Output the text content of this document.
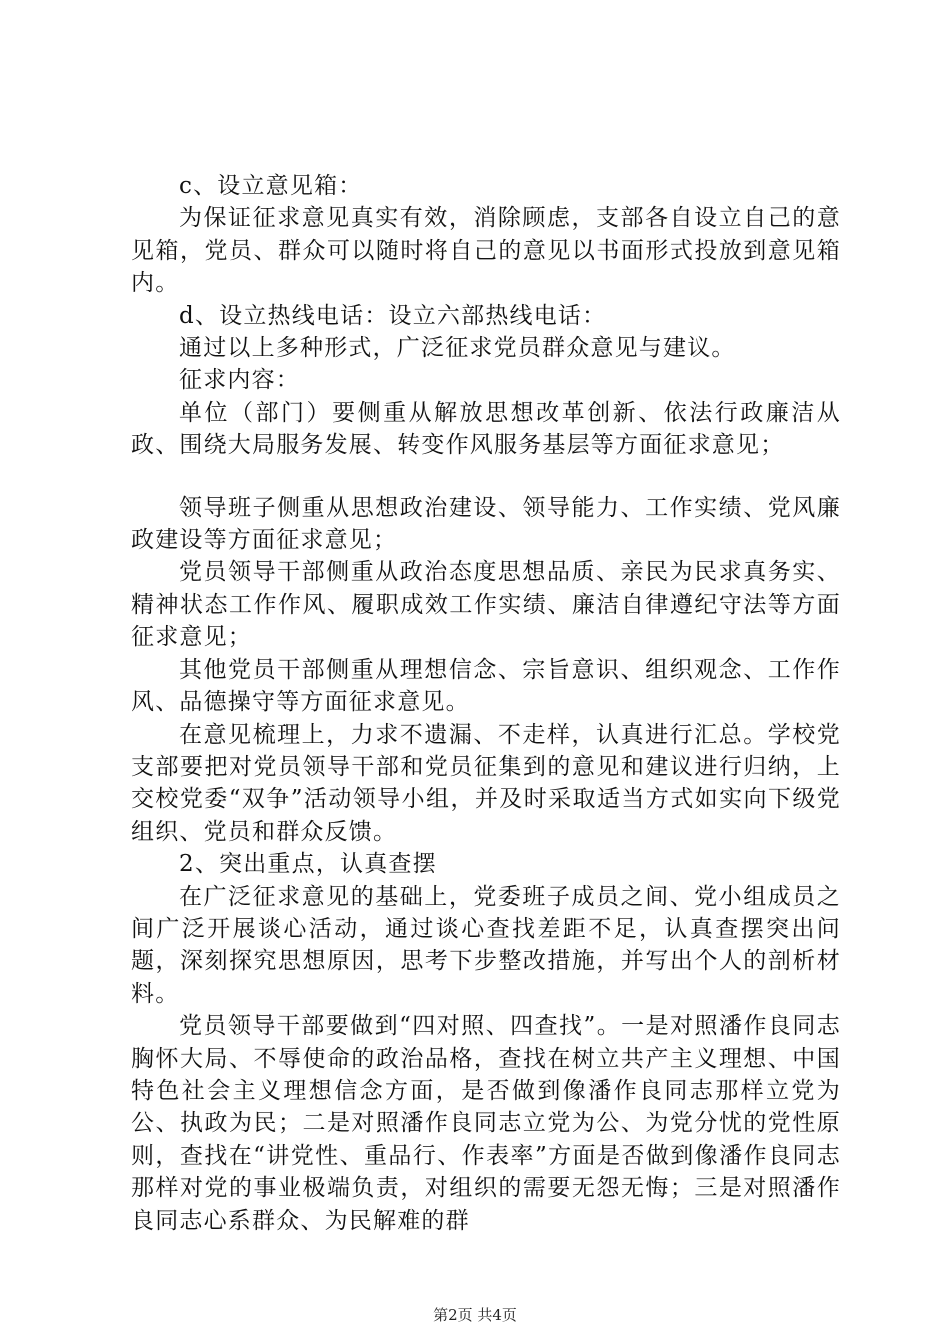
c、设立意见箱：

为保证征求意见真实有效，消除顾虑，支部各自设立自己的意见箱，党员、群众可以随时将自己的意见以书面形式投放到意见箱内。

d、设立热线电话：设立六部热线电话：

通过以上多种形式，广泛征求党员群众意见与建议。

征求内容：

单位（部门）要侧重从解放思想改革创新、依法行政廉洁从政、围绕大局服务发展、转变作风服务基层等方面征求意见；

领导班子侧重从思想政治建设、领导能力、工作实绩、党风廉政建设等方面征求意见；

党员领导干部侧重从政治态度思想品质、亲民为民求真务实、精神状态工作作风、履职成效工作实绩、廉洁自律遵纪守法等方面征求意见；

其他党员干部侧重从理想信念、宗旨意识、组织观念、工作作风、品德操守等方面征求意见。

在意见梳理上，力求不遗漏、不走样，认真进行汇总。学校党支部要把对党员领导干部和党员征集到的意见和建议进行归纳，上交校党委“双争”活动领导小组，并及时采取适当方式如实向下级党组织、党员和群众反馈。

2、突出重点，认真查摆

在广泛征求意见的基础上，党委班子成员之间、党小组成员之间广泛开展谈心活动，通过谈心查找差距不足，认真查摆突出问题，深刻探究思想原因，思考下步整改措施，并写出个人的剖析材料。

党员领导干部要做到“四对照、四查找”。一是对照潘作良同志胸怀大局、不辱使命的政治品格，查找在树立共产主义理想、中国特色社会主义理想信念方面，是否做到像潘作良同志那样立党为公、执政为民；二是对照潘作良同志立党为公、为党分忧的党性原则，查找在“讲党性、重品行、作表率”方面是否做到像潘作良同志那样对党的事业极端负责，对组织的需要无怨无悔；三是对照潘作良同志心系群众、为民解难的群

第2页 共4页
